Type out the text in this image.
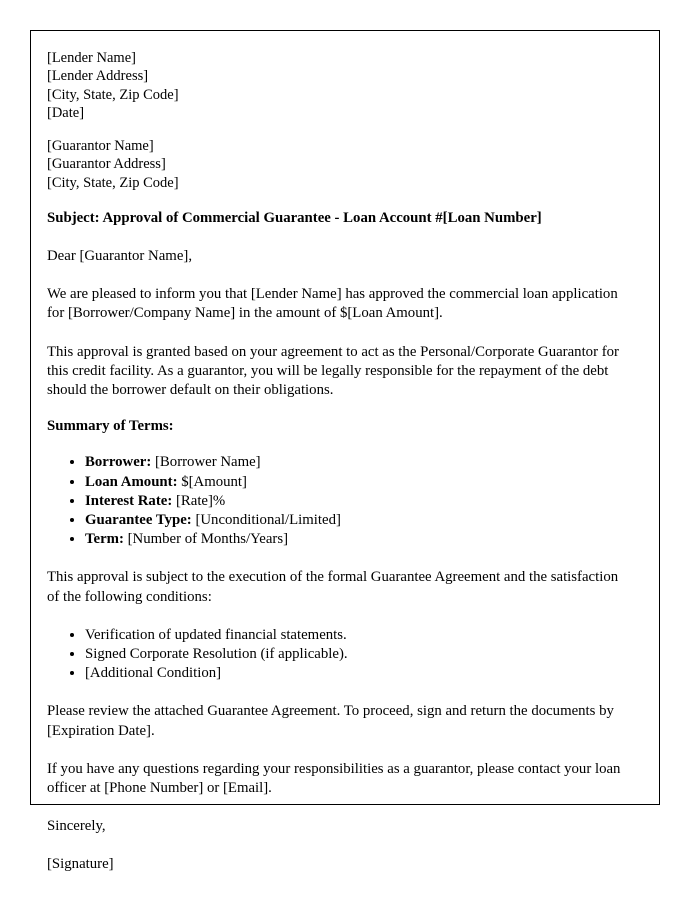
[Lender Name]
[Lender Address]
[City, State, Zip Code]
[Date]
[Guarantor Name]
[Guarantor Address]
[City, State, Zip Code]
Subject: Approval of Commercial Guarantee - Loan Account #[Loan Number]

Dear [Guarantor Name],

We are pleased to inform you that [Lender Name] has approved the commercial loan application for [Borrower/Company Name] in the amount of $[Loan Amount].

This approval is granted based on your agreement to act as the Personal/Corporate Guarantor for this credit facility. As a guarantor, you will be legally responsible for the repayment of the debt should the borrower default on their obligations.

Summary of Terms:
• Borrower: [Borrower Name]
• Loan Amount: $[Amount]
• Interest Rate: [Rate]%
• Guarantee Type: [Unconditional/Limited]
• Term: [Number of Months/Years]

This approval is subject to the execution of the formal Guarantee Agreement and the satisfaction of the following conditions:

• Verification of updated financial statements.
• Signed Corporate Resolution (if applicable).
• [Additional Condition]

Please review the attached Guarantee Agreement. To proceed, sign and return the documents by [Expiration Date].

If you have any questions regarding your responsibilities as a guarantor, please contact your loan officer at [Phone Number] or [Email].

Sincerely,

[Signature]
